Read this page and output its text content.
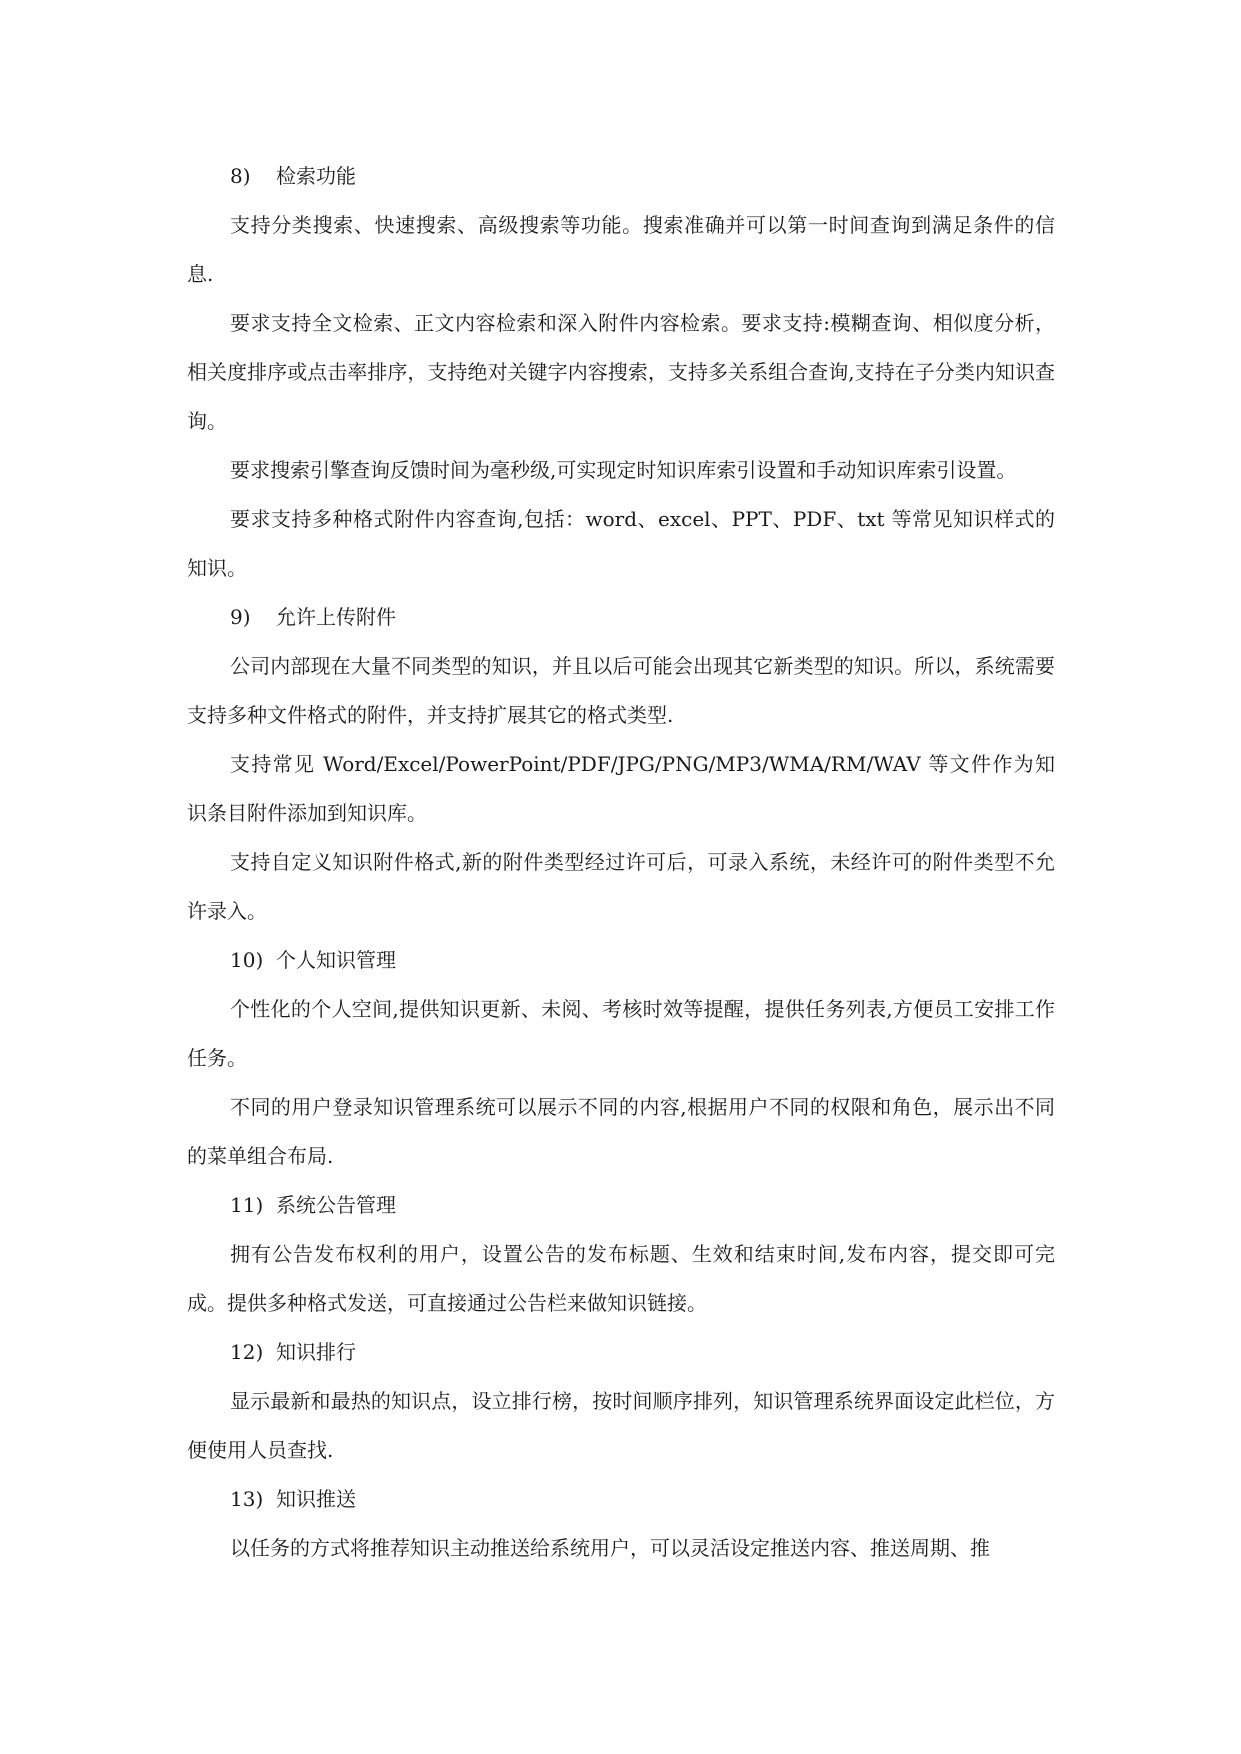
8) 检索功能

支持分类搜索、快速搜索、高级搜索等功能。搜索准确并可以第一时间查询到满足条件的信息.

要求支持全文检索、正文内容检索和深入附件内容检索。要求支持:模糊查询、相似度分析，相关度排序或点击率排序，支持绝对关键字内容搜索，支持多关系组合查询,支持在子分类内知识查询。

要求搜索引擎查询反馈时间为毫秒级,可实现定时知识库索引设置和手动知识库索引设置。

要求支持多种格式附件内容查询,包括：word、excel、PPT、PDF、txt 等常见知识样式的知识。

9) 允许上传附件

公司内部现在大量不同类型的知识，并且以后可能会出现其它新类型的知识。所以，系统需要支持多种文件格式的附件，并支持扩展其它的格式类型.

支持常见 Word/Excel/PowerPoint/PDF/JPG/PNG/MP3/WMA/RM/WAV 等文件作为知识条目附件添加到知识库。

支持自定义知识附件格式,新的附件类型经过许可后，可录入系统，未经许可的附件类型不允许录入。

10) 个人知识管理

个性化的个人空间,提供知识更新、未阅、考核时效等提醒，提供任务列表,方便员工安排工作任务。

不同的用户登录知识管理系统可以展示不同的内容,根据用户不同的权限和角色，展示出不同的菜单组合布局.

11) 系统公告管理

拥有公告发布权利的用户，设置公告的发布标题、生效和结束时间,发布内容，提交即可完成。提供多种格式发送，可直接通过公告栏来做知识链接。

12) 知识排行

显示最新和最热的知识点，设立排行榜，按时间顺序排列，知识管理系统界面设定此栏位，方便使用人员查找.

13) 知识推送

以任务的方式将推荐知识主动推送给系统用户，可以灵活设定推送内容、推送周期、推
